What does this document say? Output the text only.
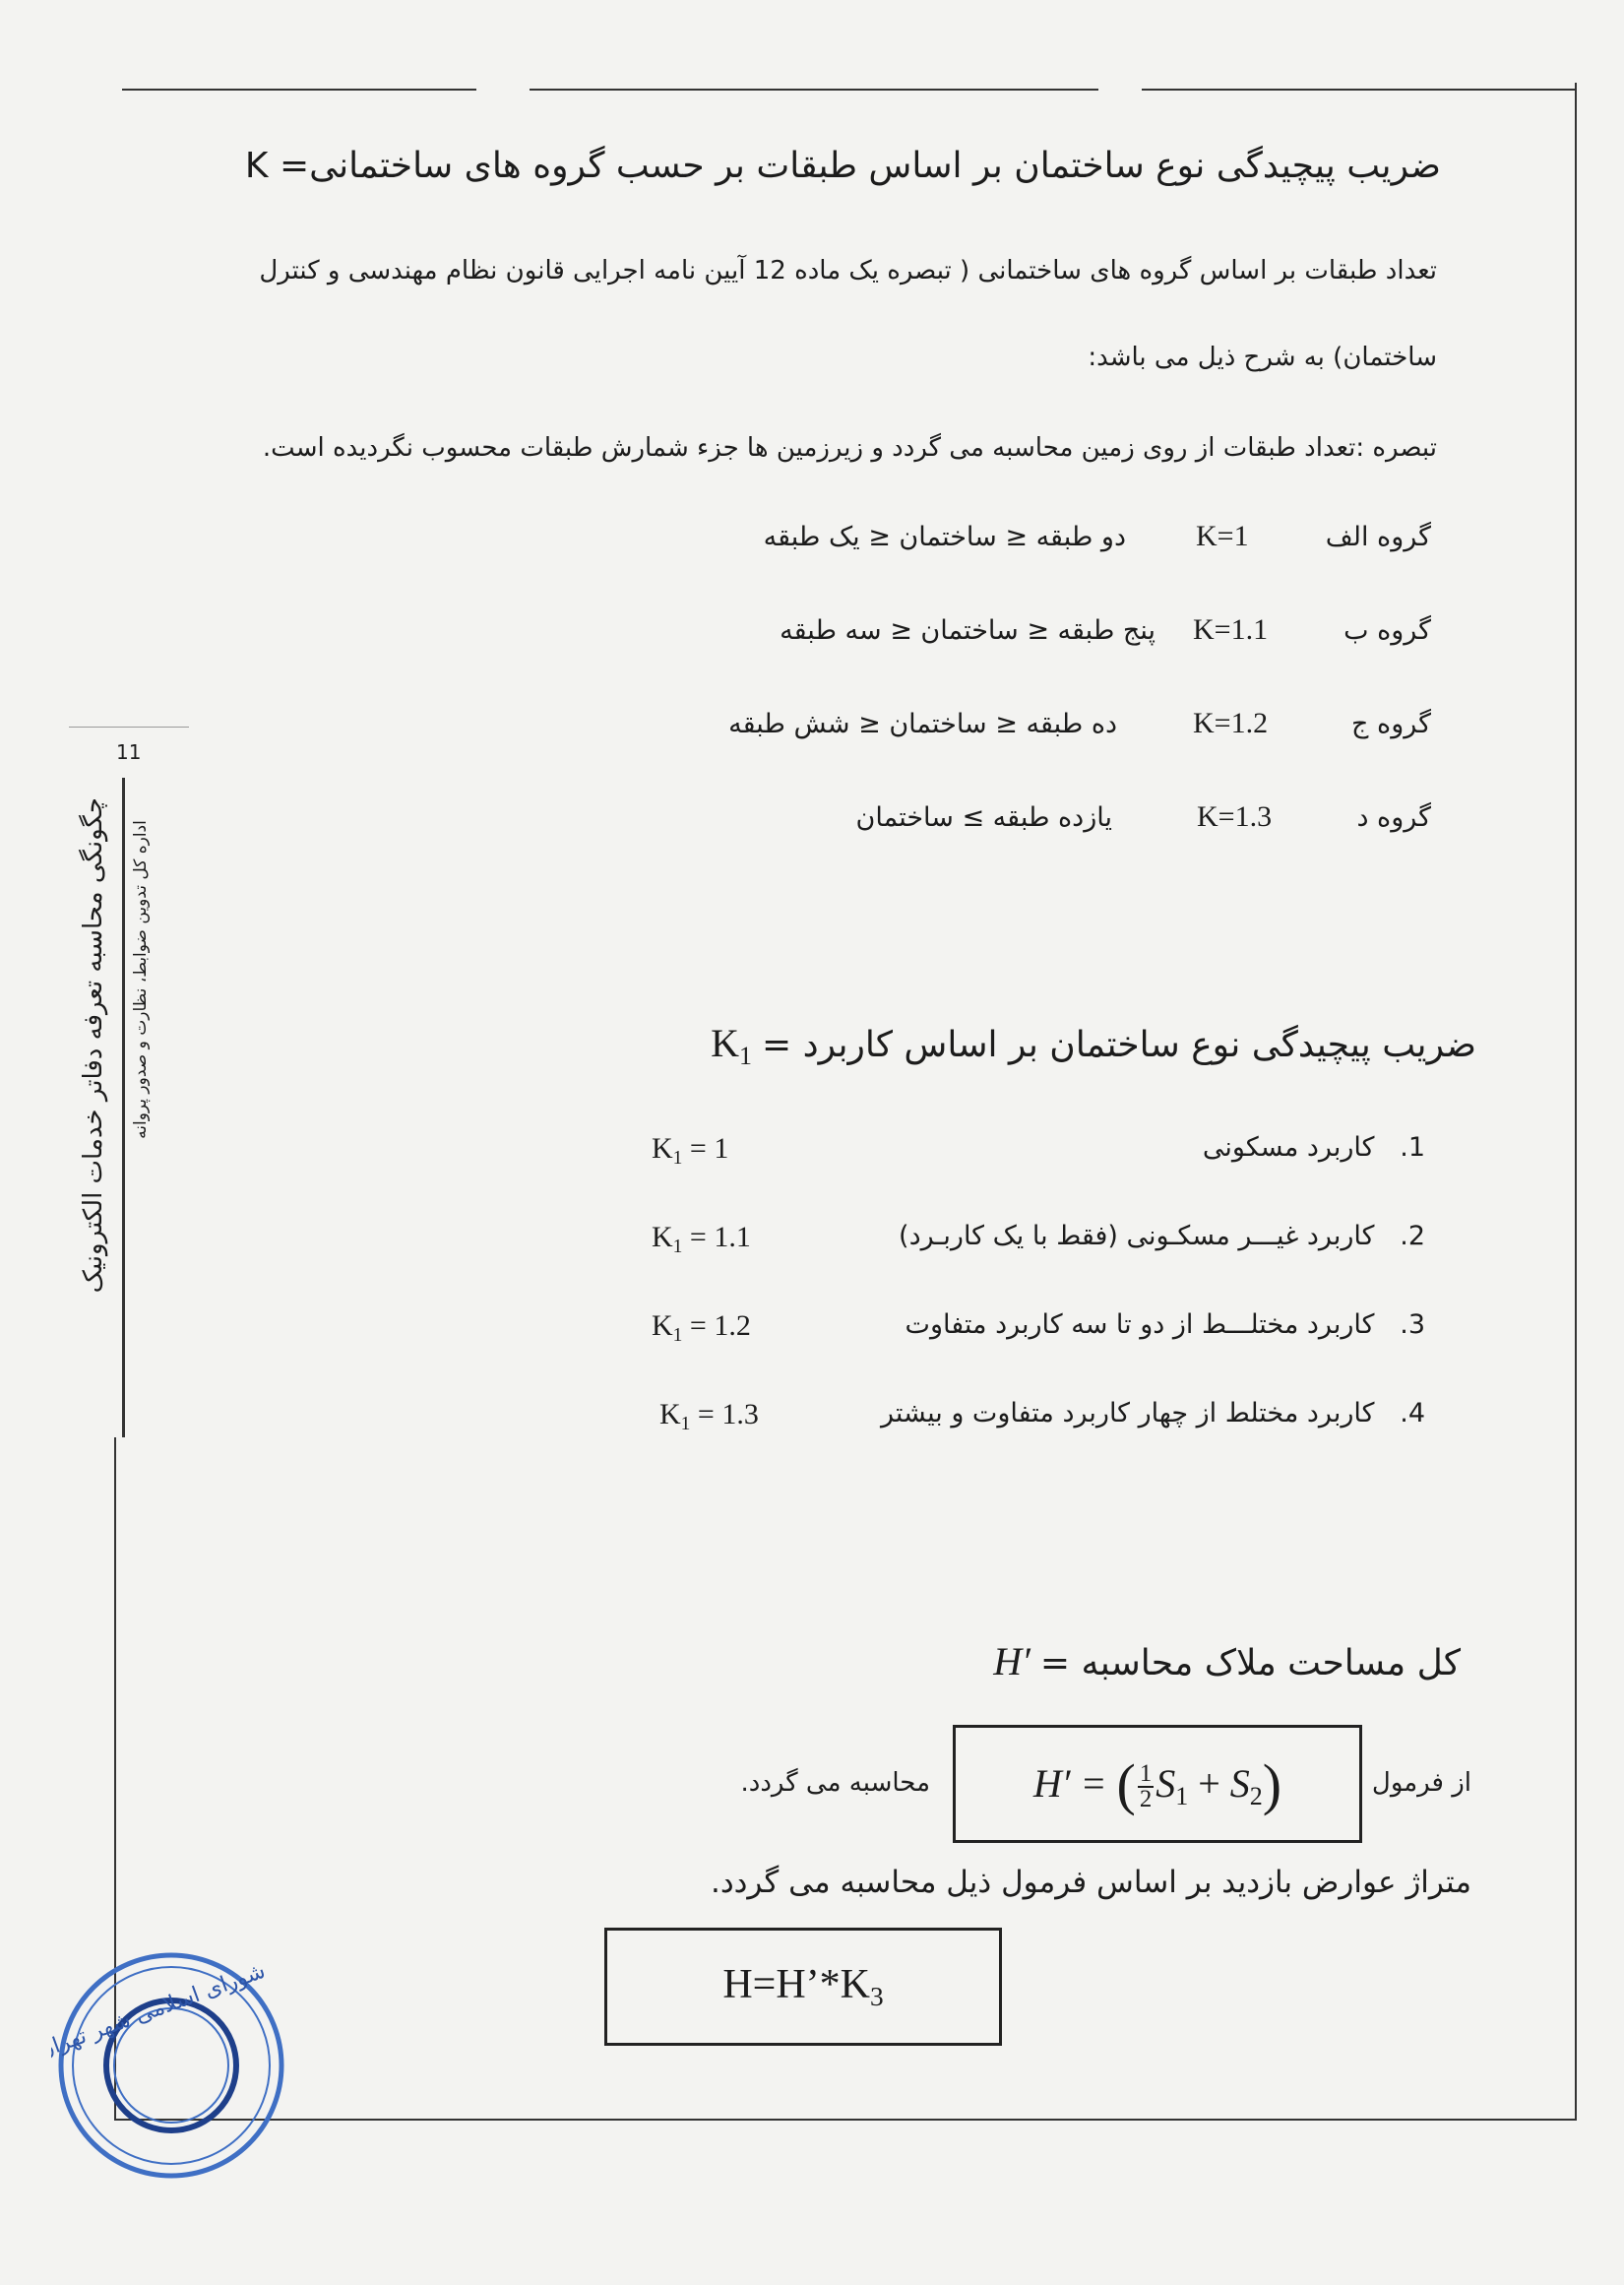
11
چگونگی محاسبه تعرفه دفاتر خدمات الکترونیک	اداره کل تدوین ضوابط، نظارت و صدور پروانه
ضریب پیچیدگی نوع ساختمان بر اساس طبقات بر حسب گروه های ساختمانی= K
تعداد طبقات بر اساس گروه های ساختمانی ( تبصره یک ماده 12 آیین نامه اجرایی قانون نظام مهندسی و کنترل
ساختمان) به شرح ذیل می باشد:
تبصره :تعداد طبقات از روی زمین محاسبه می گردد و زیرزمین ها جزء شمارش طبقات محسوب نگردیده است.
گروه الف
K=1
دو طبقه ≤ ساختمان ≤ یک طبقه
گروه ب
K=1.1
پنج طبقه ≤ ساختمان ≤ سه طبقه
گروه ج
K=1.2
ده طبقه ≤ ساختمان ≤ شش طبقه
گروه د
K=1.3
یازده طبقه ≥ ساختمان
ضریب پیچیدگی نوع ساختمان بر اساس کاربرد =
$K_1$
1.   کاربرد مسکونی
$K_1 = 1$
2.   کاربرد غیـــر مسکـونی (فقط با یک کاربـرد)
$K_1 = 1.1$
3.   کاربرد مختلـــط از دو تا سه کاربرد متفاوت
$K_1 = 1.2$
4.   کاربرد مختلط از چهار کاربرد متفاوت و بیشتر
$K_1 = 1.3$
کل مساحت ملاک محاسبه =
H′
از فرمول
H′ = ( $\frac{1}{2} S_1 + S_2$)
محاسبه می گردد.
متراژ عوارض بازدید بر اساس فرمول ذیل محاسبه می گردد.
$H=H’*K_3$
شورای اسلامی شهر تهران
